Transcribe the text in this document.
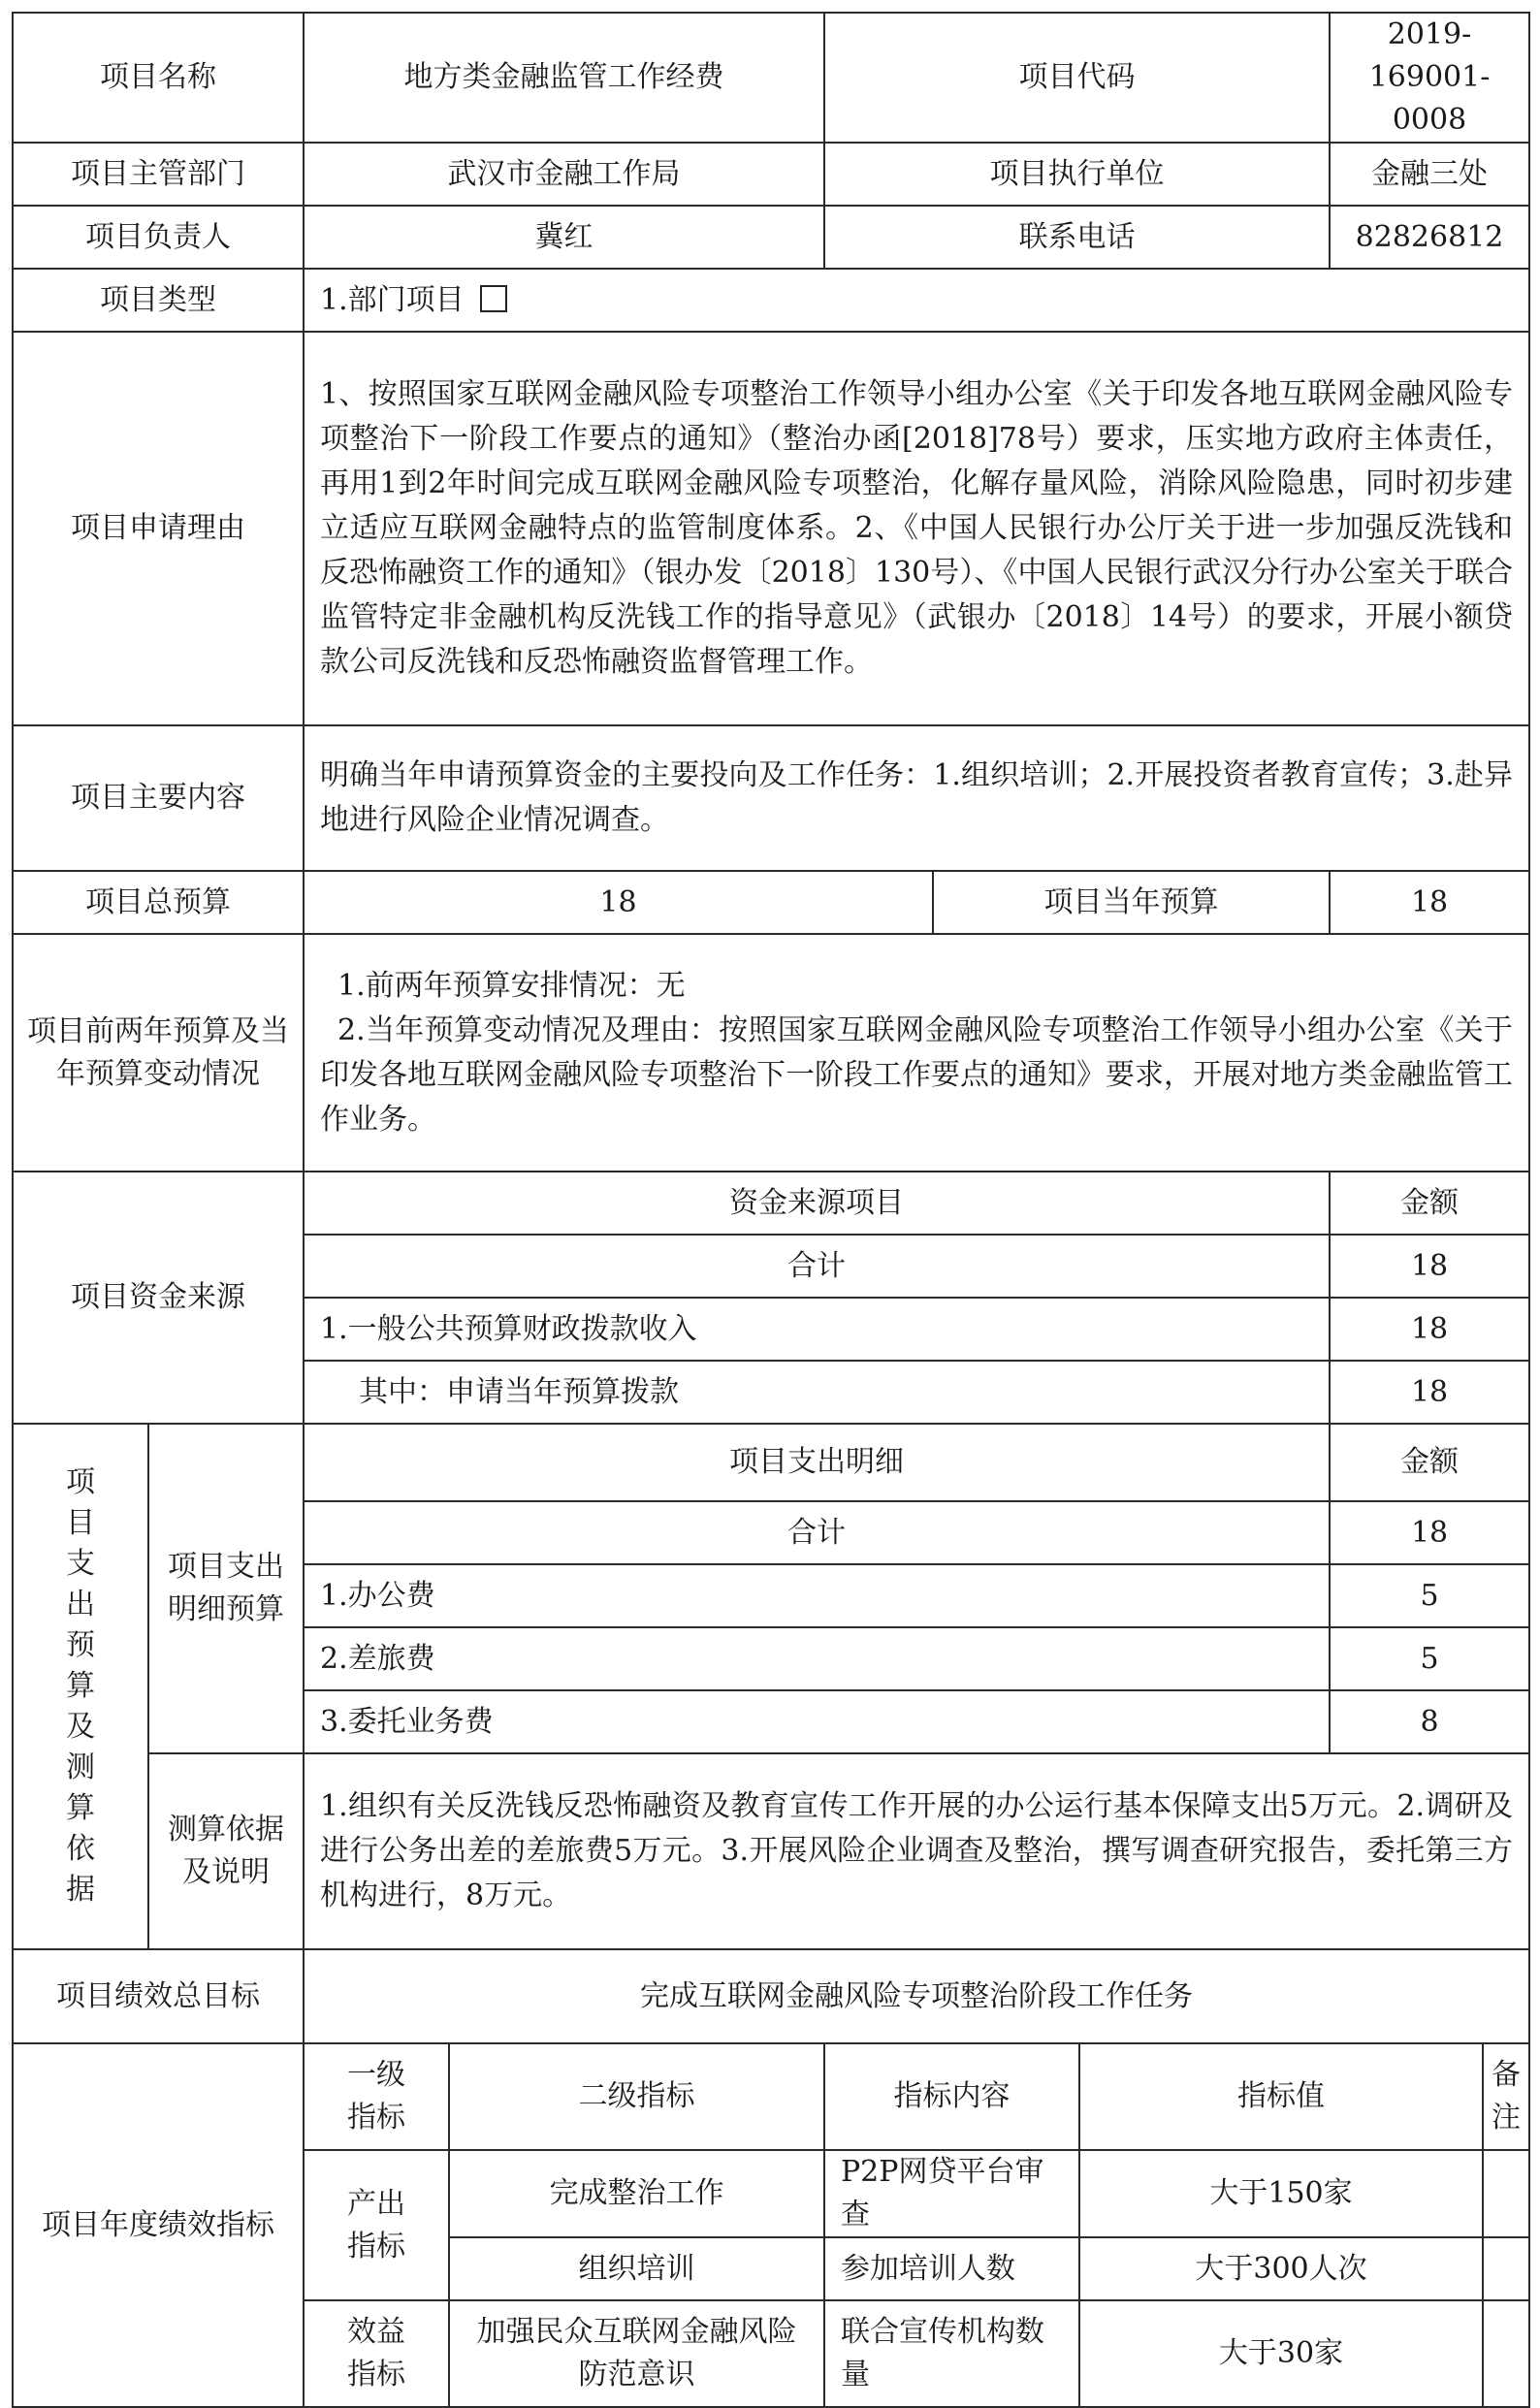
项目名称		地方类金融监管工作经费		项目代码			2019-169001-0008	
项目主管部门		武汉市金融工作局		项目执行单位			金融三处	
项目负责人		冀红		联系电话			82826812	
项目类型		1.部门项目						
项目申请理由		1、按照国家互联网金融风险专项整治工作领导小组办公室《关于印发各地互联网金融风险专项整治下一阶段工作要点的通知》（整治办函[2018]78号）要求，压实地方政府主体责任，再用1到2年时间完成互联网金融风险专项整治，化解存量风险，消除风险隐患，同时初步建立适应互联网金融特点的监管制度体系。2、《中国人民银行办公厅关于进一步加强反洗钱和反恐怖融资工作的通知》（银办发〔2018〕130号）、《中国人民银行武汉分行办公室关于联合监管特定非金融机构反洗钱工作的指导意见》（武银办〔2018〕14号）的要求，开展小额贷款公司反洗钱和反恐怖融资监督管理工作。						
项目主要内容		明确当年申请预算资金的主要投向及工作任务：1.组织培训；2.开展投资者教育宣传；3.赴异地进行风险企业情况调查。						
项目总预算		18			项目当年预算		18	
项目前两年预算及当年预算变动情况		1.前两年预算安排情况：无
2.当年预算变动情况及理由：按照国家互联网金融风险专项整治工作领导小组办公室《关于印发各地互联网金融风险专项整治下一阶段工作要点的通知》要求，开展对地方类金融监管工作业务。						

项目资金来源		资金来源项目					金额	
		合计					18	
		1.一般公共预算财政拨款收入					18	
		其中：申请当年预算拨款					18	

项目支出预算及测算依据	项目支出明细预算	项目支出明细					金额	
		合计					18	
		1.办公费					5	
		2.差旅费					5	
		3.委托业务费					8	
	测算依据及说明	1.组织有关反洗钱反恐怖融资及教育宣传工作开展的办公运行基本保障支出5万元。2.调研及进行公务出差的差旅费5万元。3.开展风险企业调查及整治，撰写调查研究报告，委托第三方机构进行，8万元。						
项目绩效总目标		完成互联网金融风险专项整治阶段工作任务						
项目年度绩效指标		一级指标	二级指标	指标内容		指标值		备注
		产出指标	完成整治工作	P2P网贷平台审查		大于150家		
			组织培训	参加培训人数		大于300人次		
		效益指标	加强民众互联网金融风险防范意识	联合宣传机构数量		大于30家		
